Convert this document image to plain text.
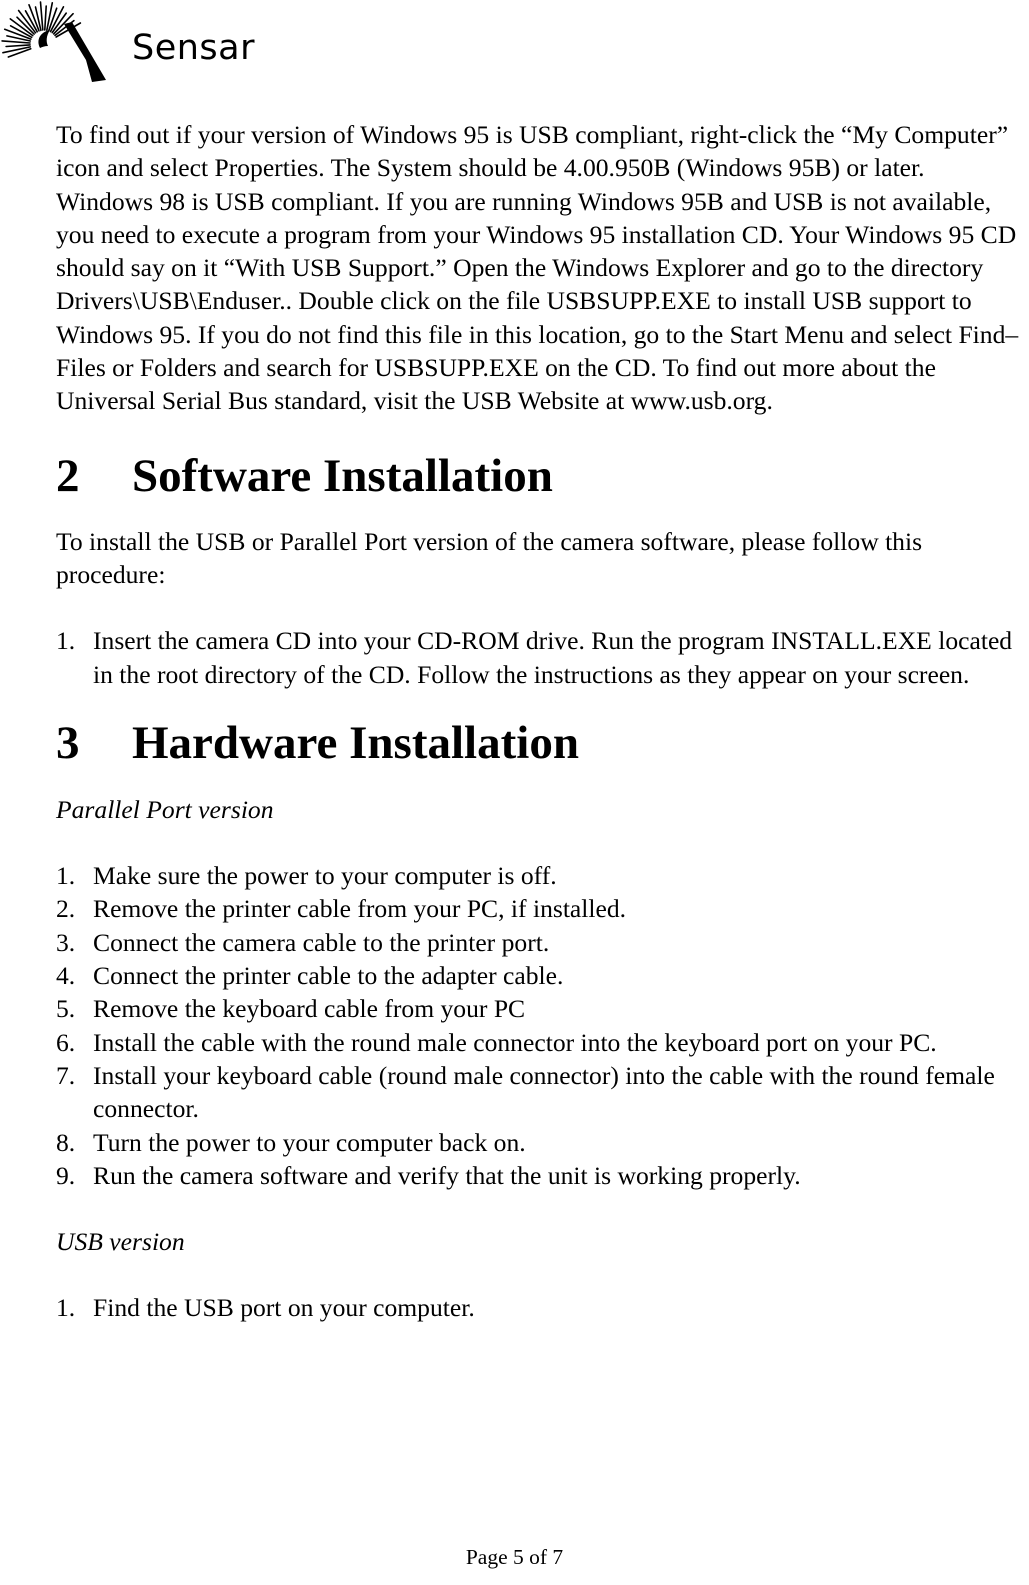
Sensar

To find out if your version of Windows 95 is USB compliant, right-click the “My Computer” icon and select Properties. The System should be 4.00.950B (Windows 95B) or later. Windows 98 is USB compliant. If you are running Windows 95B and USB is not available, you need to execute a program from your Windows 95 installation CD. Your Windows 95 CD should say on it “With USB Support.” Open the Windows Explorer and go to the directory Drivers\USB\Enduser.. Double click on the file USBSUPP.EXE to install USB support to Windows 95. If you do not find this file in this location, go to the Start Menu and select Find–Files or Folders and search for USBSUPP.EXE on the CD. To find out more about the Universal Serial Bus standard, visit the USB Website at www.usb.org.

2	Software Installation

To install the USB or Parallel Port version of the camera software, please follow this procedure:

1. Insert the camera CD into your CD-ROM drive. Run the program INSTALL.EXE located in the root directory of the CD. Follow the instructions as they appear on your screen.
3	Hardware Installation

Parallel Port version

1. Make sure the power to your computer is off.
2. Remove the printer cable from your PC, if installed.
3. Connect the camera cable to the printer port.
4. Connect the printer cable to the adapter cable.
5. Remove the keyboard cable from your PC
6. Install the cable with the round male connector into the keyboard port on your PC.
7. Install your keyboard cable (round male connector) into the cable with the round female connector.
8. Turn the power to your computer back on.
9. Run the camera software and verify that the unit is working properly.

USB version

1. Find the USB port on your computer.
Page 5 of 7
